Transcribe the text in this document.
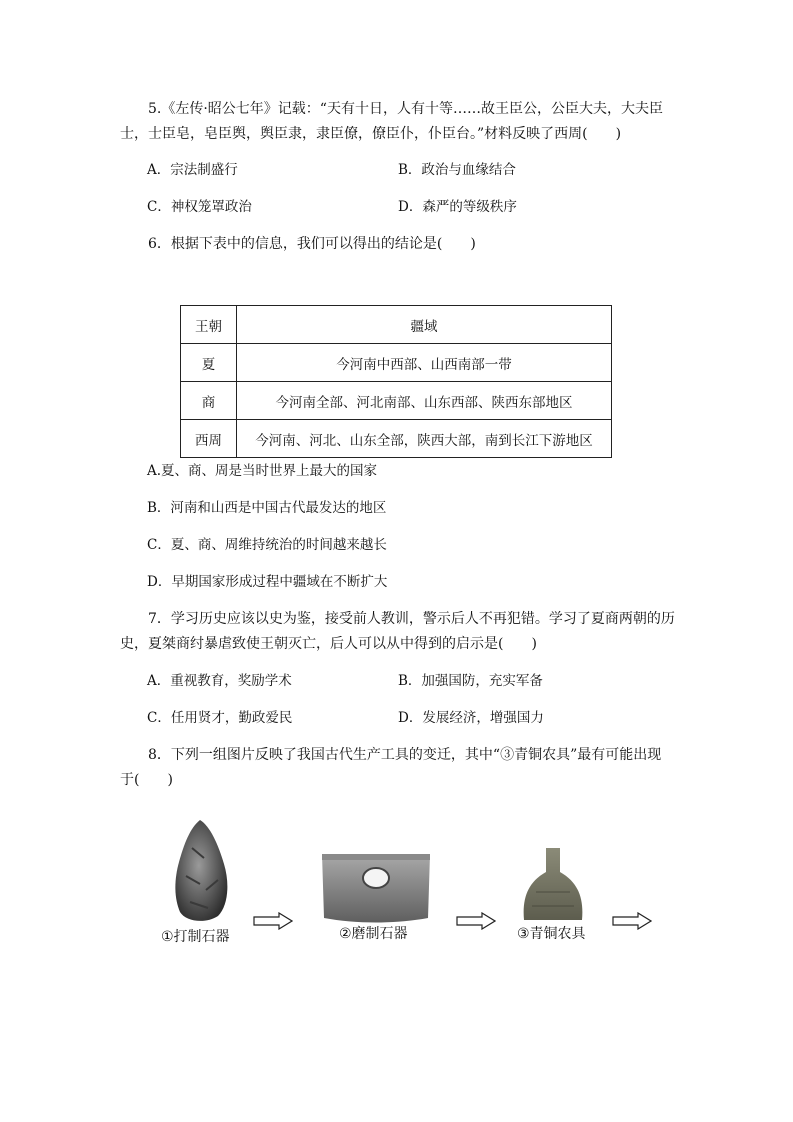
5.《左传·昭公七年》记载：“天有十日，人有十等……故王臣公，公臣大夫，大夫臣
士，士臣皂，皂臣舆，舆臣隶，隶臣僚，僚臣仆，仆臣台。”材料反映了西周(　　)
A．宗法制盛行	B．政治与血缘结合
C．神权笼罩政治	D．森严的等级秩序
6．根据下表中的信息，我们可以得出的结论是(　　)
王朝	疆域
夏	今河南中西部、山西南部一带
商	今河南全部、河北南部、山东西部、陕西东部地区
西周	今河南、河北、山东全部，陕西大部，南到长江下游地区
A.夏、商、周是当时世界上最大的国家
B．河南和山西是中国古代最发达的地区
C．夏、商、周维持统治的时间越来越长
D．早期国家形成过程中疆域在不断扩大
7．学习历史应该以史为鉴，接受前人教训，警示后人不再犯错。学习了夏商两朝的历
史，夏桀商纣暴虐致使王朝灭亡，后人可以从中得到的启示是(　　)
A．重视教育，奖励学术	B．加强国防，充实军备
C．任用贤才，勤政爱民	D．发展经济，增强国力
8．下列一组图片反映了我国古代生产工具的变迁，其中“③青铜农具”最有可能出现
于(　　)
①打制石器	②磨制石器	③青铜农具
